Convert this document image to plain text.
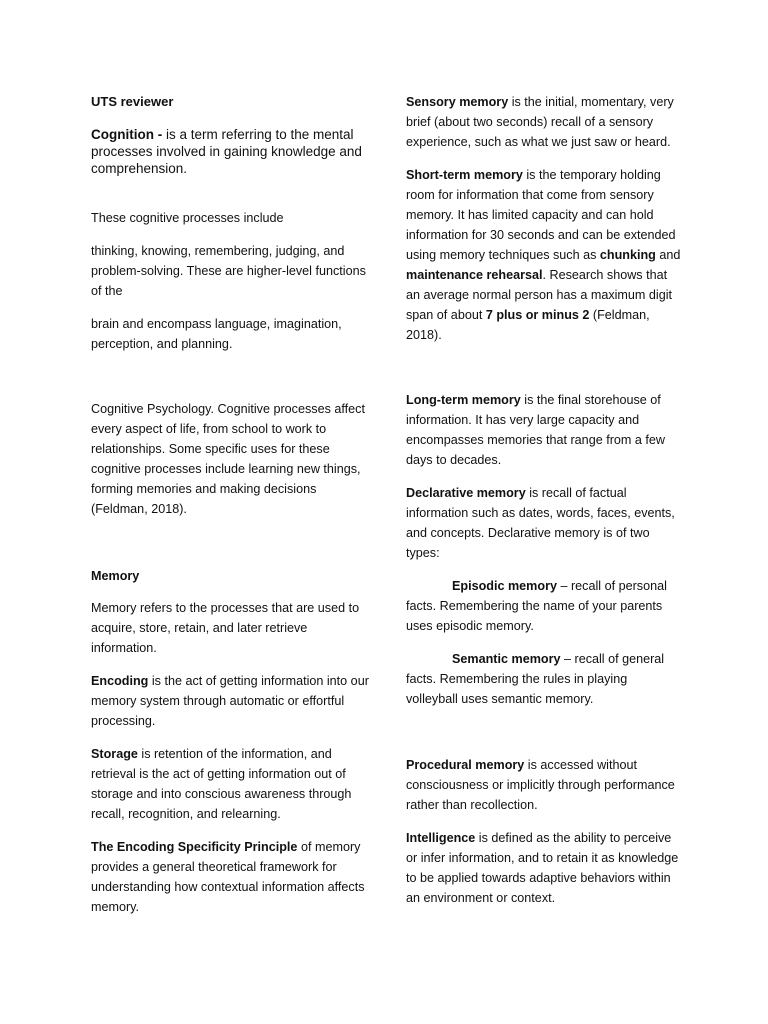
UTS reviewer

Cognition - is a term referring to the mental processes involved in gaining knowledge and comprehension.

These cognitive processes include

thinking, knowing, remembering, judging, and problem-solving. These are higher-level functions of the

brain and encompass language, imagination, perception, and planning.

Cognitive Psychology. Cognitive processes affect every aspect of life, from school to work to relationships. Some specific uses for these cognitive processes include learning new things, forming memories and making decisions (Feldman, 2018).

Memory

Memory refers to the processes that are used to acquire, store, retain, and later retrieve information.

Encoding is the act of getting information into our memory system through automatic or effortful processing.

Storage is retention of the information, and retrieval is the act of getting information out of storage and into conscious awareness through recall, recognition, and relearning.

The Encoding Specificity Principle of memory provides a general theoretical framework for understanding how contextual information affects memory.

Sensory memory is the initial, momentary, very brief (about two seconds) recall of a sensory experience, such as what we just saw or heard.

Short-term memory is the temporary holding room for information that come from sensory memory. It has limited capacity and can hold information for 30 seconds and can be extended using memory techniques such as chunking and maintenance rehearsal. Research shows that an average normal person has a maximum digit span of about 7 plus or minus 2 (Feldman, 2018).

Long-term memory is the final storehouse of information. It has very large capacity and encompasses memories that range from a few days to decades.

Declarative memory is recall of factual information such as dates, words, faces, events, and concepts. Declarative memory is of two types:

Episodic memory – recall of personal facts. Remembering the name of your parents uses episodic memory.

Semantic memory – recall of general facts. Remembering the rules in playing volleyball uses semantic memory.

Procedural memory is accessed without consciousness or implicitly through performance rather than recollection.

Intelligence is defined as the ability to perceive or infer information, and to retain it as knowledge to be applied towards adaptive behaviors within an environment or context.
